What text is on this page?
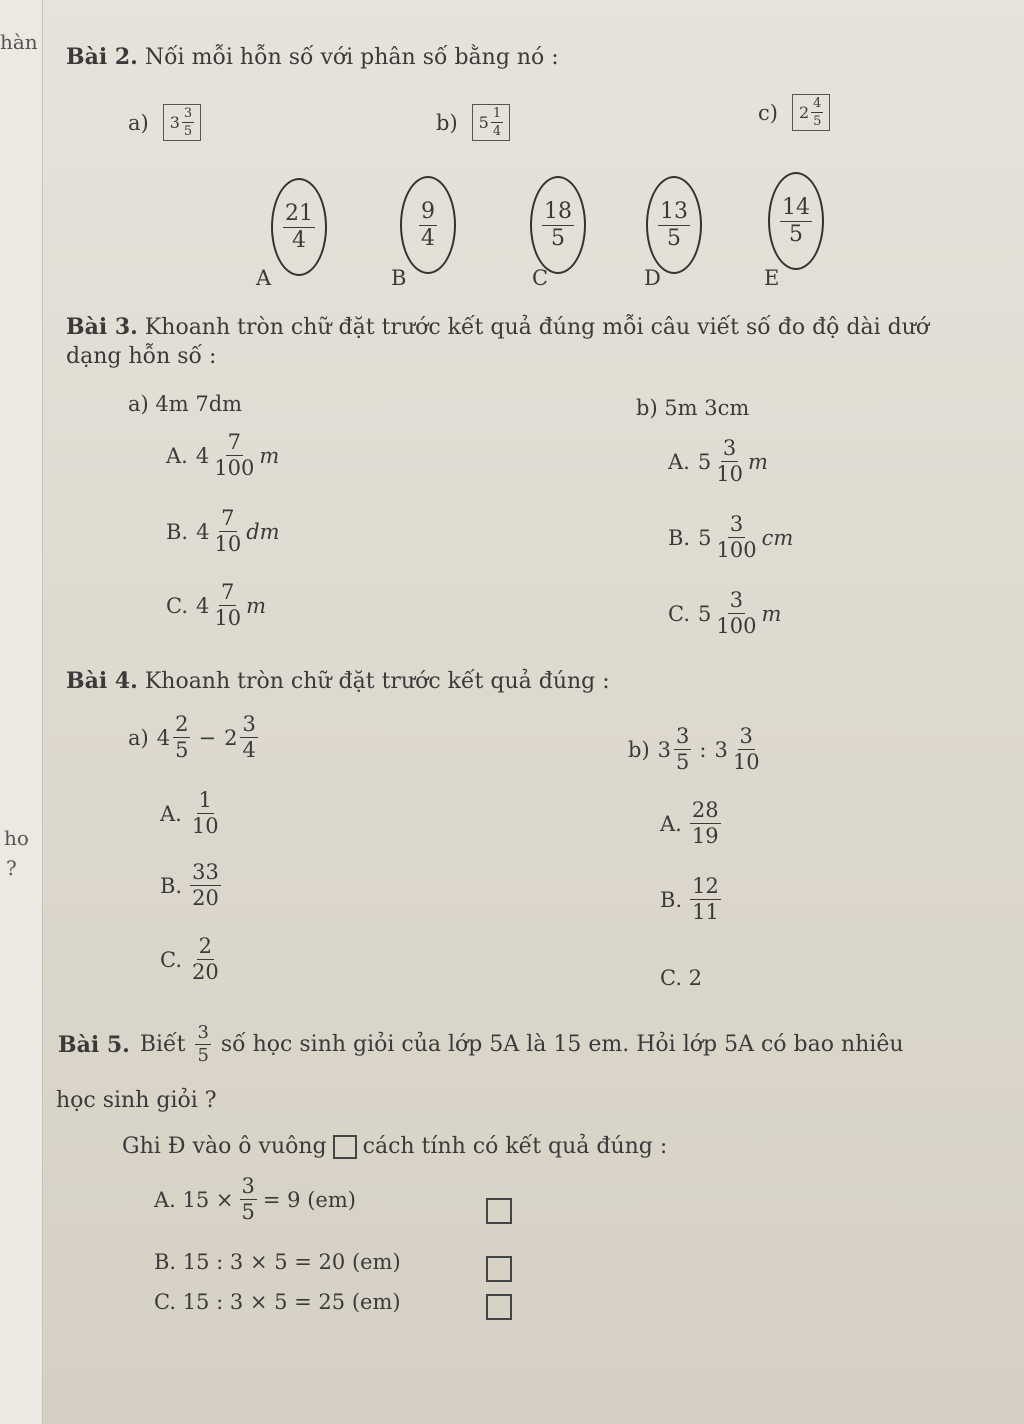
hàn
ho
?
Bài 2. Nối mỗi hỗn số với phân số bằng nó :
a) $3 \frac{3}{5}$	b) $5 \frac{1}{4}$	c) $2 \frac{4}{5}$
$\frac{21}{4}$	$\frac{9}{4}$	$\frac{18}{5}$	$\frac{13}{5}$	$\frac{14}{5}$
A	B	C	D	E
Bài 3. Khoanh tròn chữ đặt trước kết quả đúng mỗi câu viết số đo độ dài dướ
dạng hỗn số :
a) 4m 7dm	b) 5m 3cm
A. $4 \frac{7}{100}$ m
B. $4 \frac{7}{10}$ dm
C. $4 \frac{7}{10}$ m
A. $5 \frac{3}{10}$ m
B. $5 \frac{3}{100}$ cm
C. $5 \frac{3}{100}$ m
Bài 4. Khoanh tròn chữ đặt trước kết quả đúng :
a) $4 \frac{2}{5} - 2 \frac{3}{4}$	b) $3 \frac{3}{5}$ : $3 \frac{3}{10}$
A. $\frac{1}{10}$
B. $\frac{33}{20}$
C. $\frac{2}{20}$
A. $\frac{28}{19}$
B. $\frac{12}{11}$
C. 2
Bài 5. Biết $\frac{3}{5}$ số học sinh giỏi của lớp 5A là 15 em. Hỏi lớp 5A có bao nhiêu
học sinh giỏi ?
Ghi Đ vào ô vuông cách tính có kết quả đúng :
A. $15 \times \frac{3}{5} = 9$ (em)
B. 15 : 3 × 5 = 20 (em)
C. 15 : 3 × 5 = 25 (em)
